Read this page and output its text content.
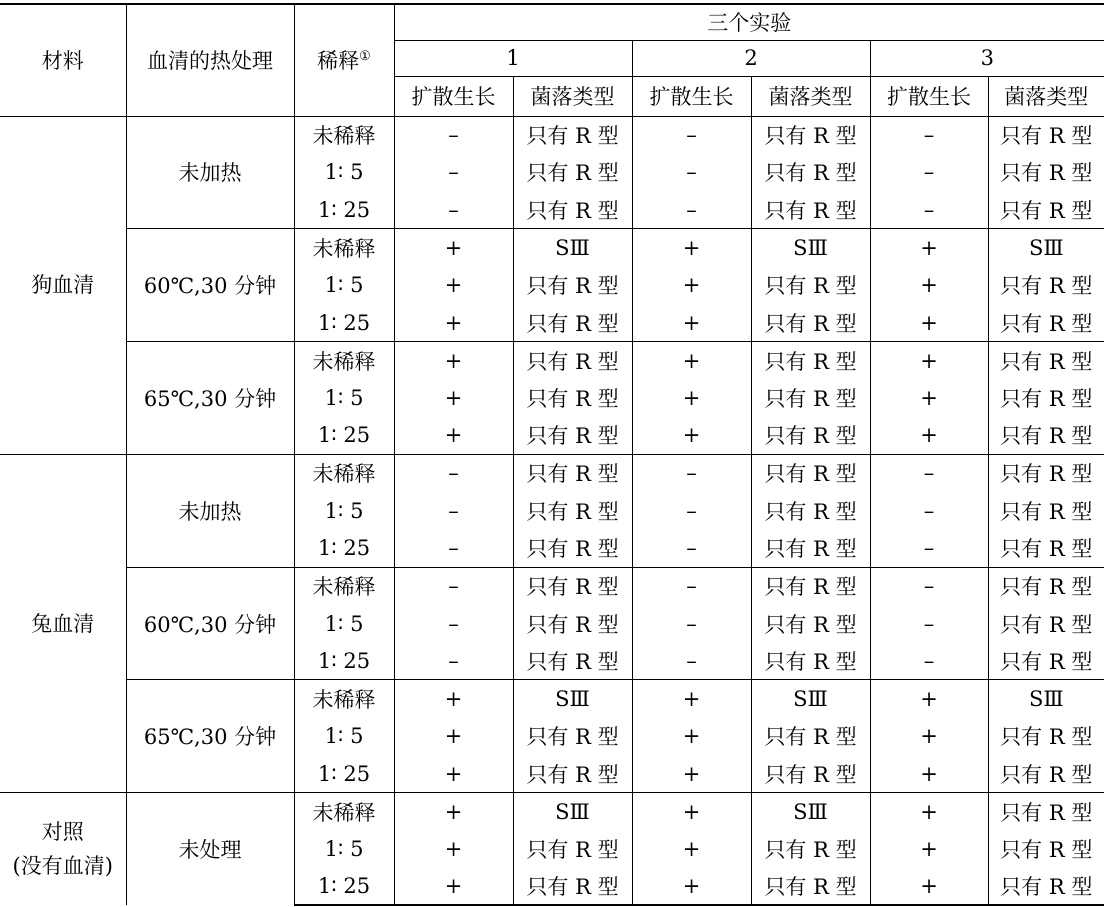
材料	血清的热处理	稀释①	三个实验					
			1		2		3	
			扩散生长	菌落类型	扩散生长	菌落类型	扩散生长	菌落类型
狗血清	未加热	未稀释	–	只有 R 型	–	只有 R 型	–	只有 R 型
		1∶ 5	–	只有 R 型	–	只有 R 型	–	只有 R 型
		1∶ 25	–	只有 R 型	–	只有 R 型	–	只有 R 型
	60℃,30 分钟	未稀释	+	SⅢ	+	SⅢ	+	SⅢ
		1∶ 5	+	只有 R 型	+	只有 R 型	+	只有 R 型
		1∶ 25	+	只有 R 型	+	只有 R 型	+	只有 R 型
	65℃,30 分钟	未稀释	+	只有 R 型	+	只有 R 型	+	只有 R 型
		1∶ 5	+	只有 R 型	+	只有 R 型	+	只有 R 型
		1∶ 25	+	只有 R 型	+	只有 R 型	+	只有 R 型
兔血清	未加热	未稀释	–	只有 R 型	–	只有 R 型	–	只有 R 型
		1∶ 5	–	只有 R 型	–	只有 R 型	–	只有 R 型
		1∶ 25	–	只有 R 型	–	只有 R 型	–	只有 R 型
	60℃,30 分钟	未稀释	–	只有 R 型	–	只有 R 型	–	只有 R 型
		1∶ 5	–	只有 R 型	–	只有 R 型	–	只有 R 型
		1∶ 25	–	只有 R 型	–	只有 R 型	–	只有 R 型
	65℃,30 分钟	未稀释	+	SⅢ	+	SⅢ	+	SⅢ
		1∶ 5	+	只有 R 型	+	只有 R 型	+	只有 R 型
		1∶ 25	+	只有 R 型	+	只有 R 型	+	只有 R 型
对照
(没有血清)	未处理	未稀释	+	SⅢ	+	SⅢ	+	只有 R 型
		1∶ 5	+	只有 R 型	+	只有 R 型	+	只有 R 型
		1∶ 25	+	只有 R 型	+	只有 R 型	+	只有 R 型
